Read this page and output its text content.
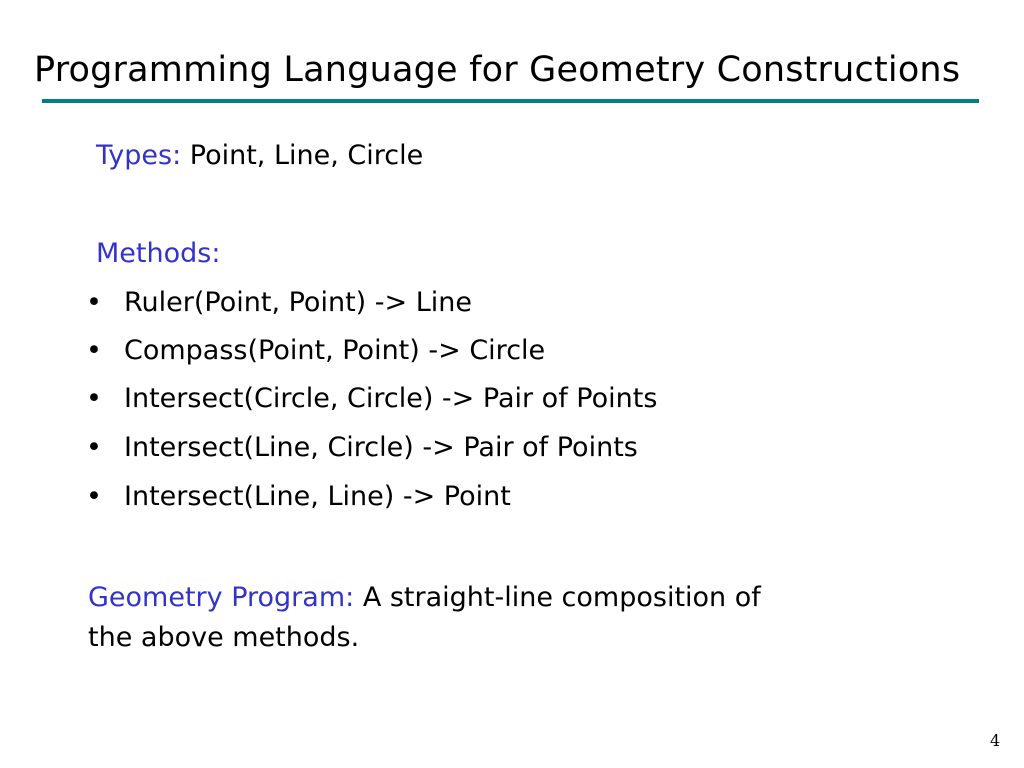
Programming Language for Geometry Constructions
Types: Point, Line, Circle
Methods:
• Ruler(Point, Point) -> Line
• Compass(Point, Point) -> Circle
• Intersect(Circle, Circle) -> Pair of Points
• Intersect(Line, Circle) -> Pair of Points
• Intersect(Line, Line) -> Point
Geometry Program: A straight-line composition of
the above methods.
4
